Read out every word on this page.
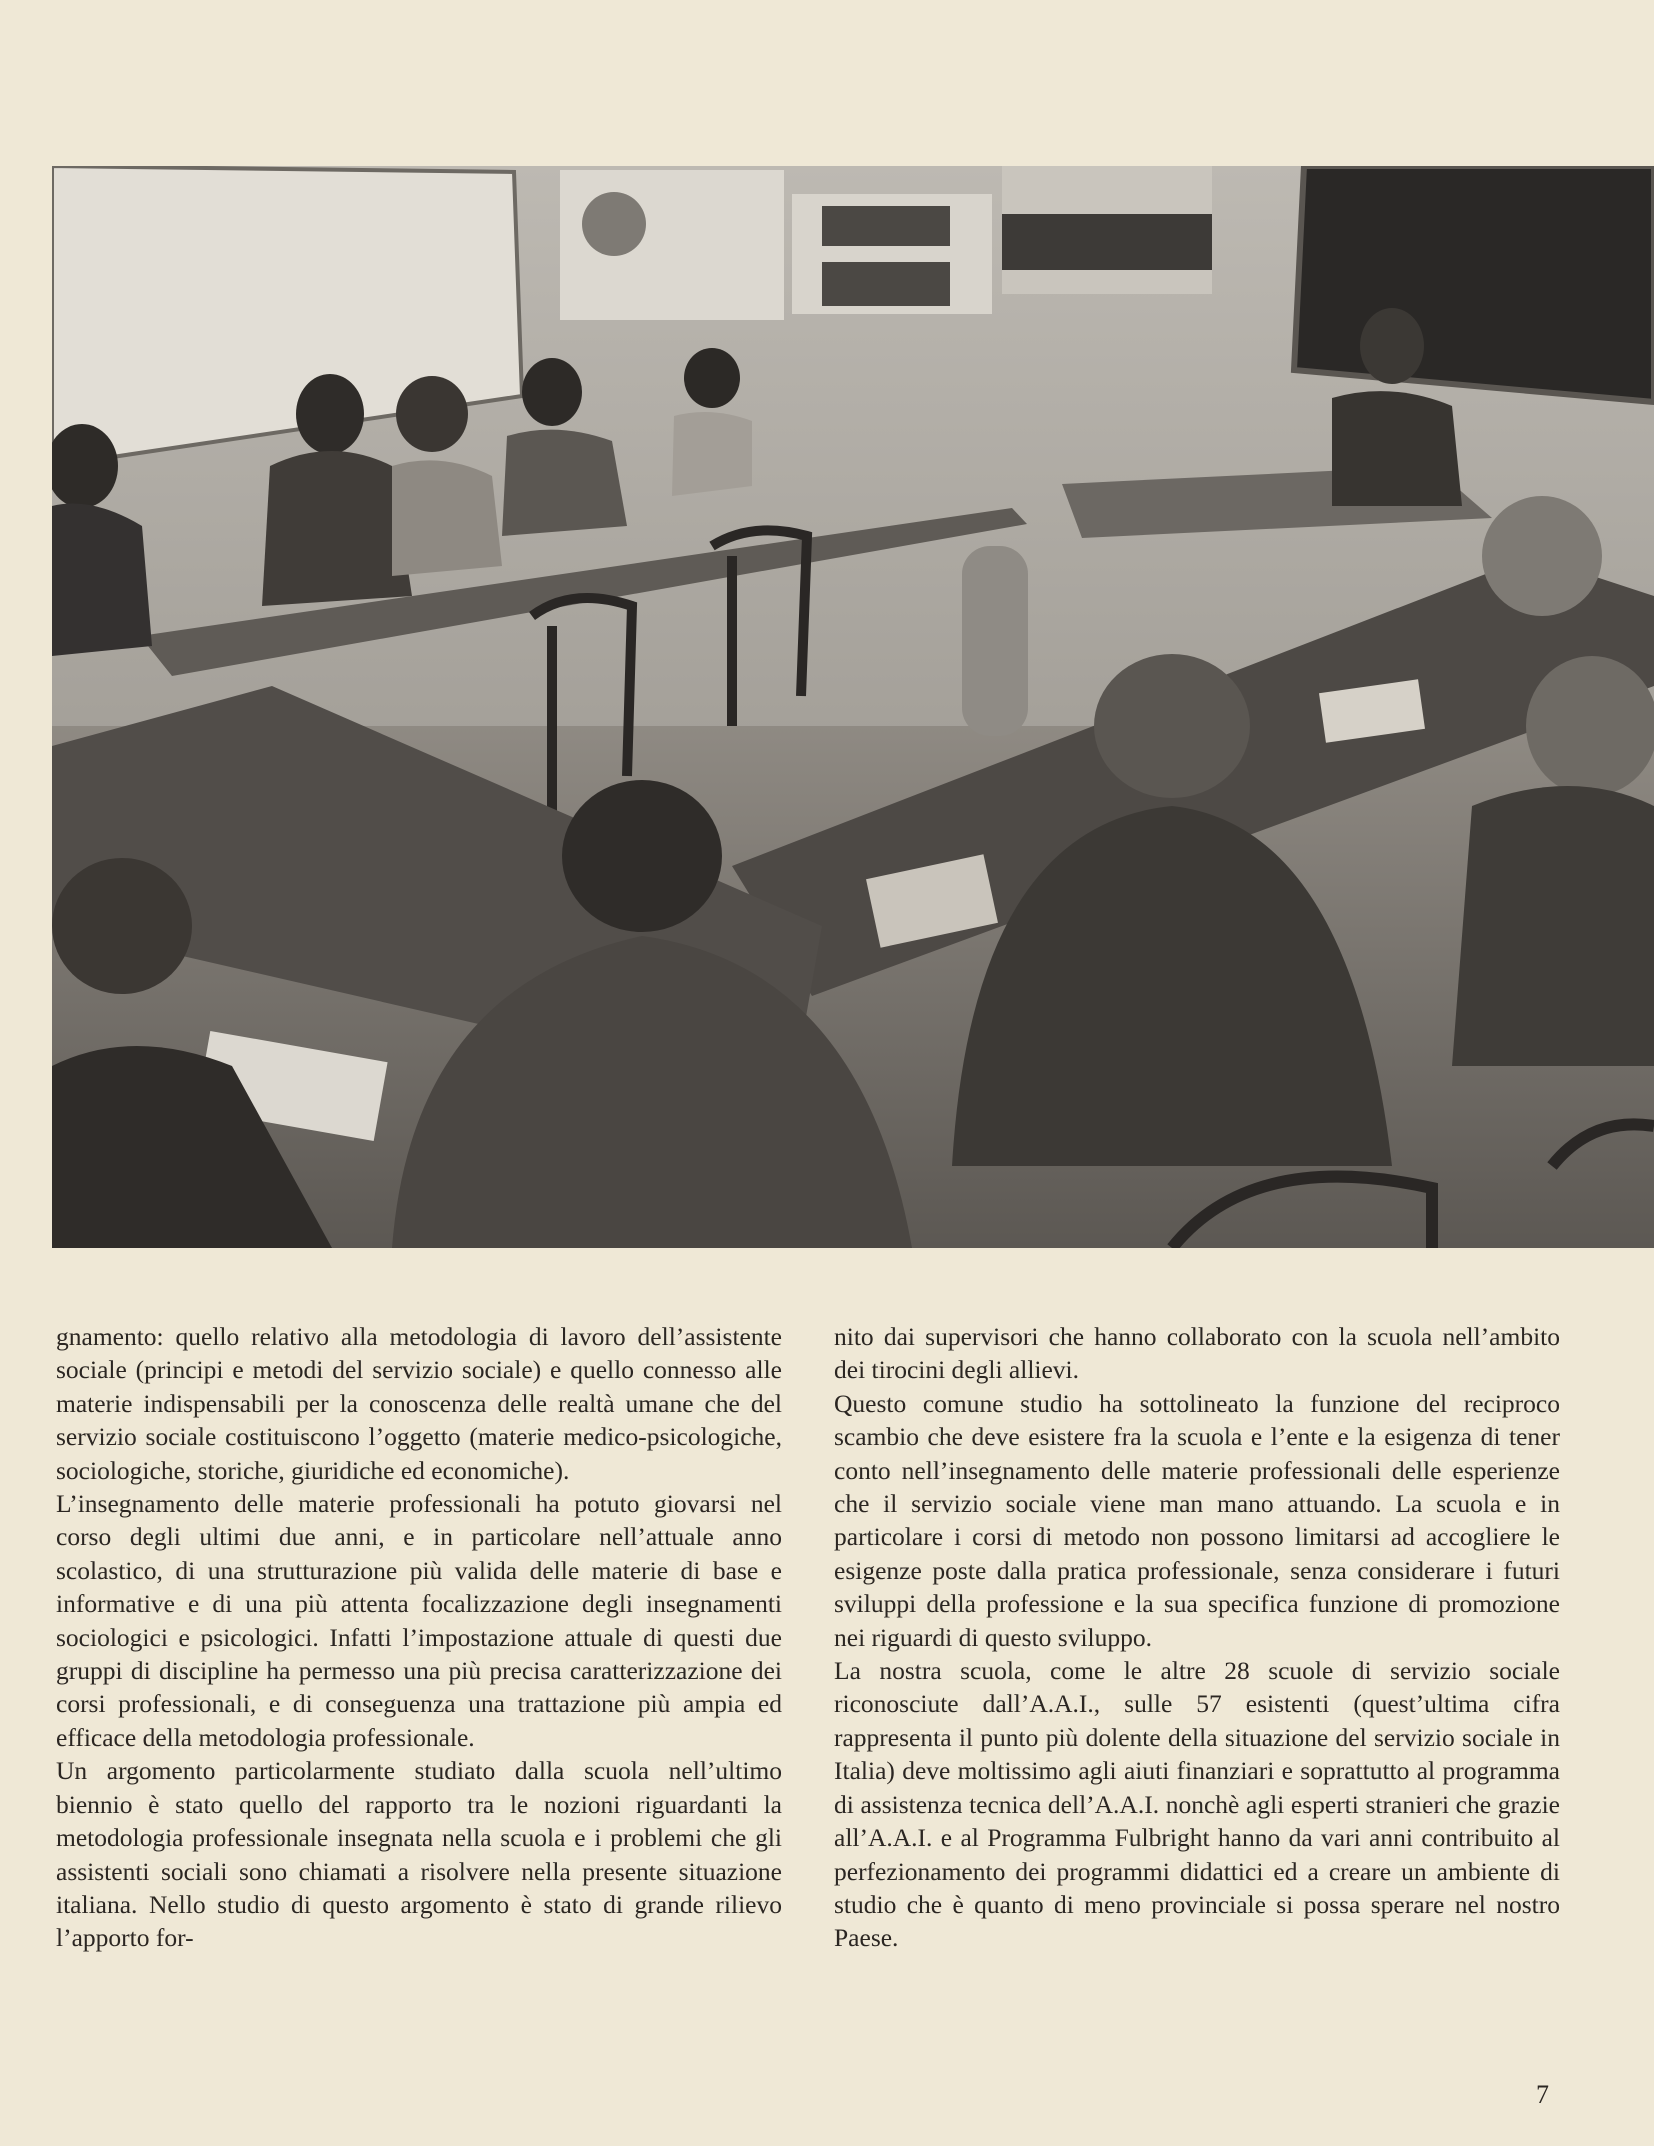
gnamento: quello relativo alla metodologia di lavoro dell’assistente sociale (principi e metodi del servizio sociale) e quello connesso alle materie indispensabili per la conoscenza delle realtà umane che del servizio sociale costituiscono l’oggetto (materie medico-psicologiche, sociologiche, storiche, giuridiche ed economiche).

L’insegnamento delle materie professionali ha potuto giovarsi nel corso degli ultimi due anni, e in particolare nell’attuale anno scolastico, di una strutturazione più valida delle materie di base e informative e di una più attenta focalizzazione degli insegnamenti sociologici e psicologici. Infatti l’impostazione attuale di questi due gruppi di discipline ha permesso una più precisa caratterizzazione dei corsi professionali, e di conseguenza una trattazione più ampia ed efficace della metodologia professionale.

Un argomento particolarmente studiato dalla scuola nell’ultimo biennio è stato quello del rapporto tra le nozioni riguardanti la metodologia professionale insegnata nella scuola e i problemi che gli assistenti sociali sono chiamati a risolvere nella presente situazione italiana. Nello studio di questo argomento è stato di grande rilievo l’apporto for-

nito dai supervisori che hanno collaborato con la scuola nell’ambito dei tirocini degli allievi.

Questo comune studio ha sottolineato la funzione del reciproco scambio che deve esistere fra la scuola e l’ente e la esigenza di tener conto nell’insegnamento delle materie professionali delle esperienze che il servizio sociale viene man mano attuando. La scuola e in particolare i corsi di metodo non possono limitarsi ad accogliere le esigenze poste dalla pratica professionale, senza considerare i futuri sviluppi della professione e la sua specifica funzione di promozione nei riguardi di questo sviluppo.

La nostra scuola, come le altre 28 scuole di servizio sociale riconosciute dall’A.A.I., sulle 57 esistenti (quest’ultima cifra rappresenta il punto più dolente della situazione del servizio sociale in Italia) deve moltissimo agli aiuti finanziari e soprattutto al programma di assistenza tecnica dell’A.A.I. nonchè agli esperti stranieri che grazie all’A.A.I. e al Programma Fulbright hanno da vari anni contribuito al perfezionamento dei programmi didattici ed a creare un ambiente di studio che è quanto di meno provinciale si possa sperare nel nostro Paese.

7
